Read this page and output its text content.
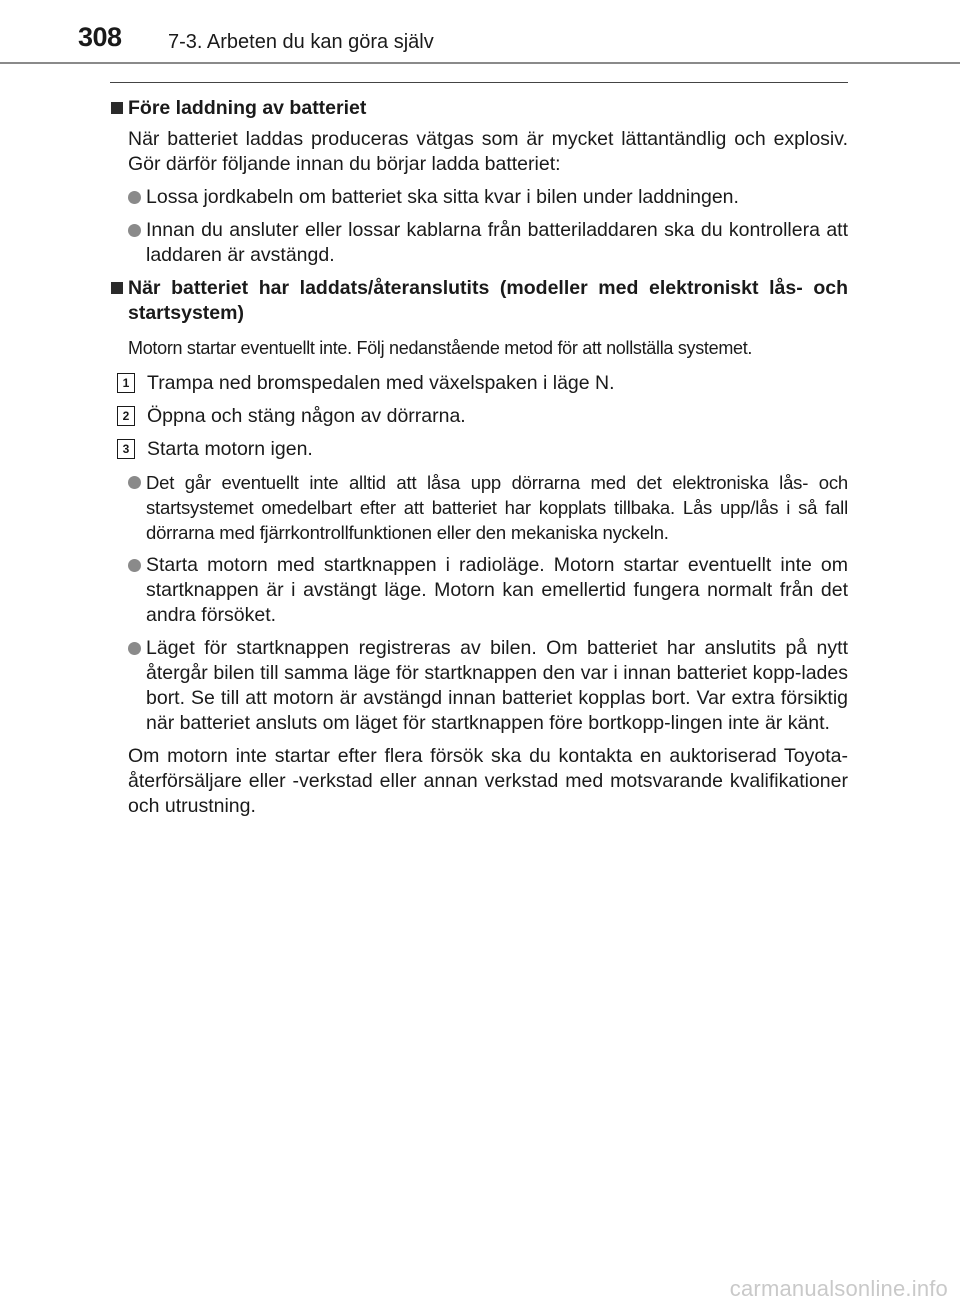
308 7-3. Arbeten du kan göra själv
Före laddning av batteriet
När batteriet laddas produceras vätgas som är mycket lättantändlig och explosiv. Gör därför följande innan du börjar ladda batteriet:
Lossa jordkabeln om batteriet ska sitta kvar i bilen under laddningen.
Innan du ansluter eller lossar kablarna från batteriladdaren ska du kontrollera att laddaren är avstängd.
När batteriet har laddats/återanslutits (modeller med elektroniskt lås- och startsystem)
Motorn startar eventuellt inte. Följ nedanstående metod för att nollställa systemet.
1 Trampa ned bromspedalen med växelspaken i läge N.
2 Öppna och stäng någon av dörrarna.
3 Starta motorn igen.
Det går eventuellt inte alltid att låsa upp dörrarna med det elektroniska lås- och startsystemet omedelbart efter att batteriet har kopplats tillbaka. Lås upp/lås i så fall dörrarna med fjärrkontrollfunktionen eller den mekaniska nyckeln.
Starta motorn med startknappen i radioläge. Motorn startar eventuellt inte om startknappen är i avstängt läge. Motorn kan emellertid fungera normalt från det andra försöket.
Läget för startknappen registreras av bilen. Om batteriet har anslutits på nytt återgår bilen till samma läge för startknappen den var i innan batteriet kopp-lades bort. Se till att motorn är avstängd innan batteriet kopplas bort. Var extra försiktig när batteriet ansluts om läget för startknappen före bortkopp-lingen inte är känt.
Om motorn inte startar efter flera försök ska du kontakta en auktoriserad Toyota-återförsäljare eller -verkstad eller annan verkstad med motsvarande kvalifikationer och utrustning.
carmanualsonline.info
